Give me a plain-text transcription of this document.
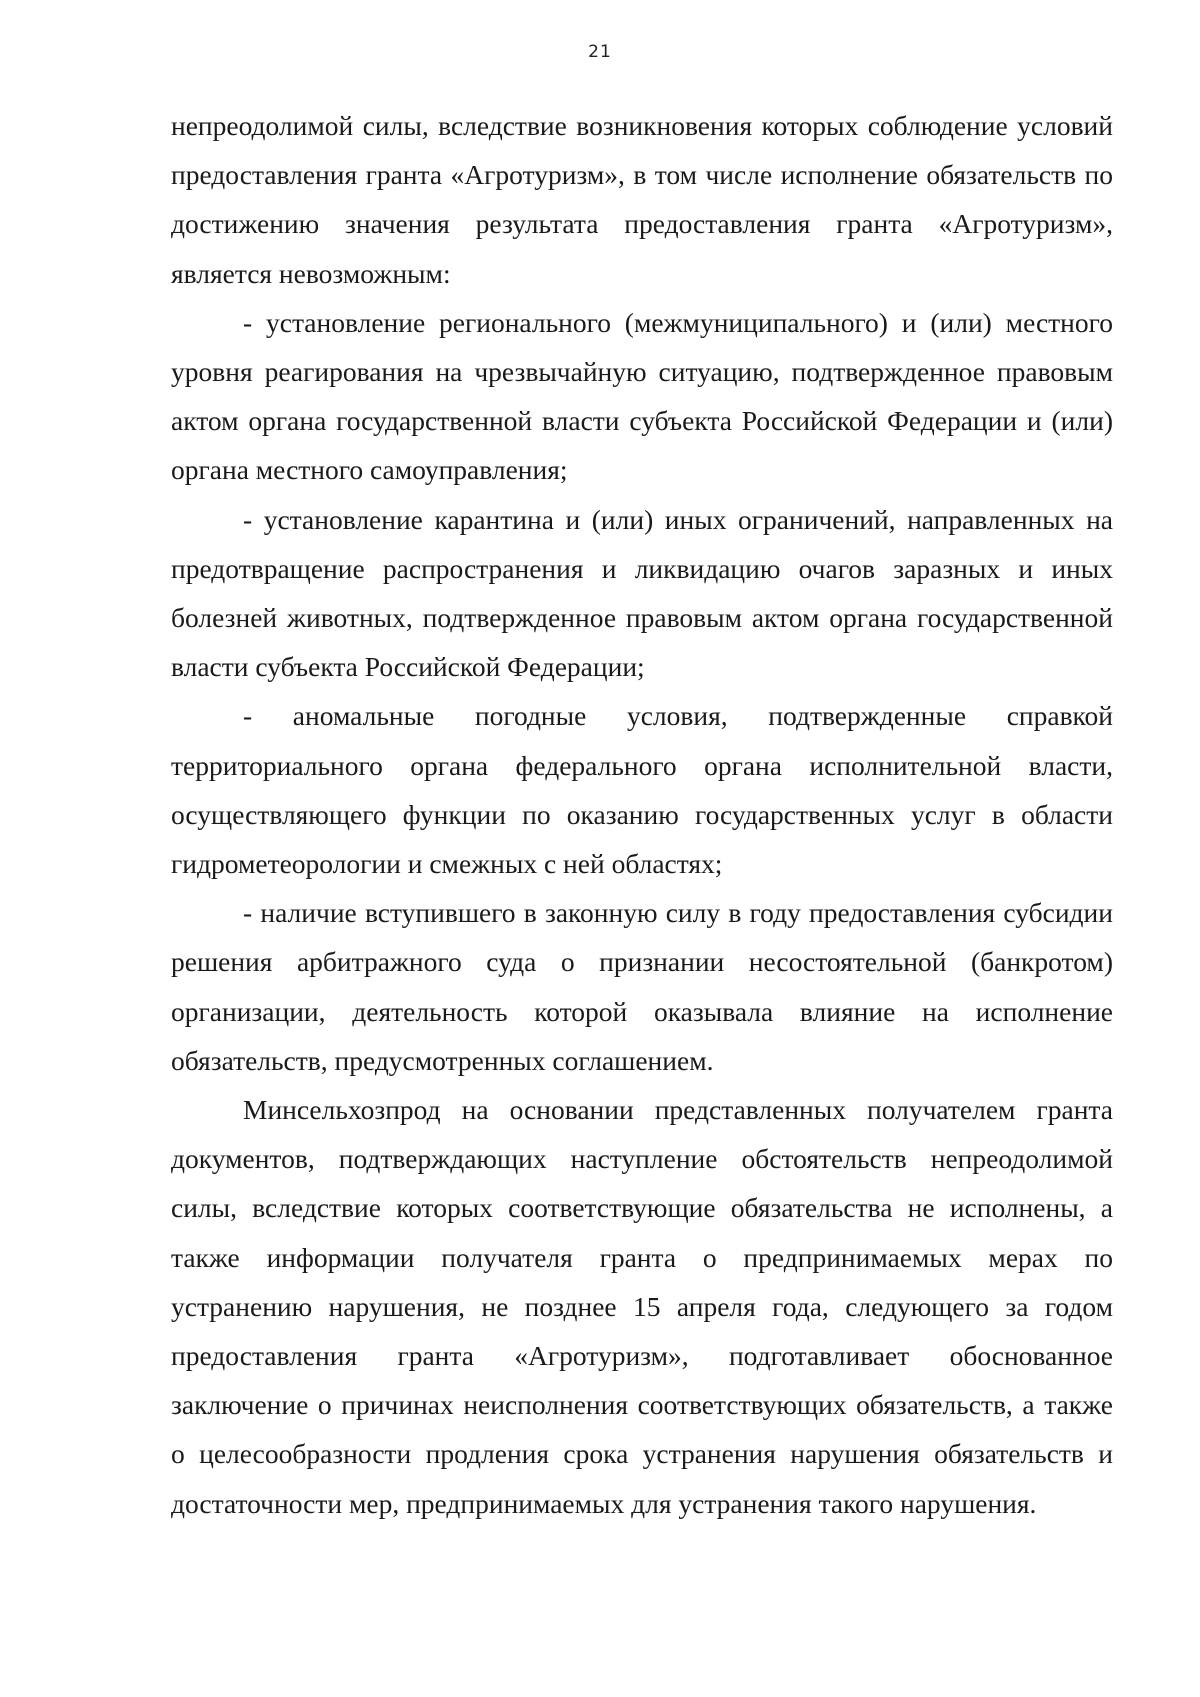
21

непреодолимой силы, вследствие возникновения которых соблюдение условий предоставления гранта «Агротуризм», в том числе исполнение обязательств по достижению значения результата предоставления гранта «Агротуризм», является невозможным:

- установление регионального (межмуниципального) и (или) местного уровня реагирования на чрезвычайную ситуацию, подтвержденное правовым актом органа государственной власти субъекта Российской Федерации и (или) органа местного самоуправления;

- установление карантина и (или) иных ограничений, направленных на предотвращение распространения и ликвидацию очагов заразных и иных болезней животных, подтвержденное правовым актом органа государственной власти субъекта Российской Федерации;

- аномальные погодные условия, подтвержденные справкой территориального органа федерального органа исполнительной власти, осуществляющего функции по оказанию государственных услуг в области гидрометеорологии и смежных с ней областях;

- наличие вступившего в законную силу в году предоставления субсидии решения арбитражного суда о признании несостоятельной (банкротом) организации, деятельность которой оказывала влияние на исполнение обязательств, предусмотренных соглашением.

Минсельхозпрод на основании представленных получателем гранта документов, подтверждающих наступление обстоятельств непреодолимой силы, вследствие которых соответствующие обязательства не исполнены, а также информации получателя гранта о предпринимаемых мерах по устранению нарушения, не позднее 15 апреля года, следующего за годом предоставления гранта «Агротуризм», подготавливает обоснованное заключение о причинах неисполнения соответствующих обязательств, а также о целесообразности продления срока устранения нарушения обязательств и достаточности мер, предпринимаемых для устранения такого нарушения.
